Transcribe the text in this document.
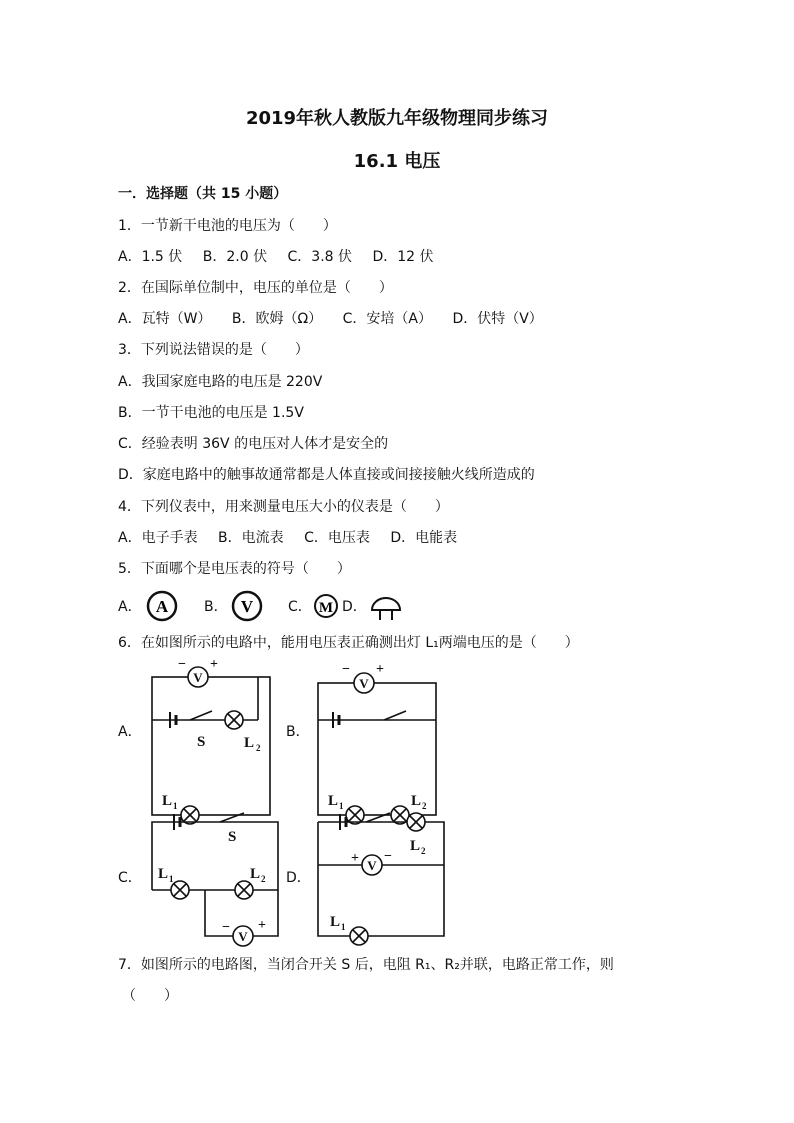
2019年秋人教版九年级物理同步练习
16.1 电压
一．选择题（共 15 小题）
1．一节新干电池的电压为（　　）
A．1.5 伏 B．2.0 伏 C．3.8 伏 D．12 伏
2．在国际单位制中，电压的单位是（　　）
A．瓦特（W） B．欧姆（Ω） C．安培（A） D．伏特（V）
3．下列说法错误的是（　　）
A．我国家庭电路的电压是 220V
B．一节干电池的电压是 1.5V
C．经验表明 36V 的电压对人体才是安全的
D．家庭电路中的触事故通常都是人体直接或间接接触火线所造成的
4．下列仪表中，用来测量电压大小的仪表是（　　）
A．电子手表 B．电流表 C．电压表 D．电能表
5．下面哪个是电压表的符号（　　）
A．	B．	C． D．
A	V	M
6．在如图所示的电路中，能用电压表正确测出灯 L₁两端电压的是（　　）
A．	B．
C．	D．
V
− +
S	L 2
L 1
V
− +
L 1	L 2
S
L 1	L 2
V
− +
L 2
V
+ −
L 1
7．如图所示的电路图，当闭合开关 S 后，电阻 R₁、R₂并联，电路正常工作，则
（　　）
